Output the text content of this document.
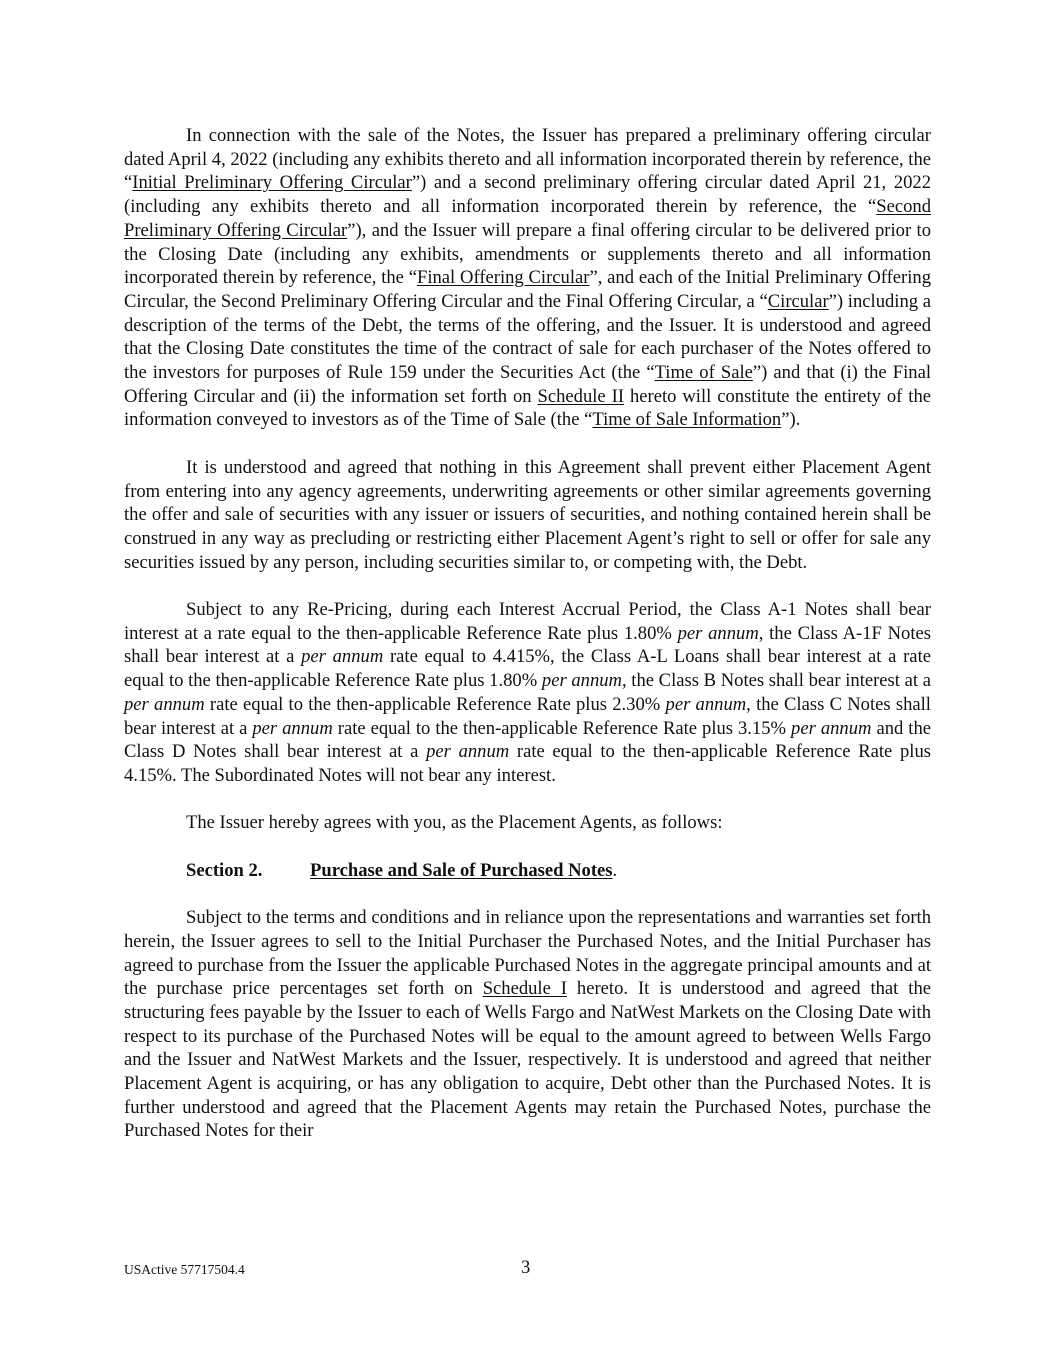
In connection with the sale of the Notes, the Issuer has prepared a preliminary offering circular dated April 4, 2022 (including any exhibits thereto and all information incorporated therein by reference, the “Initial Preliminary Offering Circular”) and a second preliminary offering circular dated April 21, 2022 (including any exhibits thereto and all information incorporated therein by reference, the “Second Preliminary Offering Circular”), and the Issuer will prepare a final offering circular to be delivered prior to the Closing Date (including any exhibits, amendments or supplements thereto and all information incorporated therein by reference, the “Final Offering Circular”, and each of the Initial Preliminary Offering Circular, the Second Preliminary Offering Circular and the Final Offering Circular, a “Circular”) including a description of the terms of the Debt, the terms of the offering, and the Issuer. It is understood and agreed that the Closing Date constitutes the time of the contract of sale for each purchaser of the Notes offered to the investors for purposes of Rule 159 under the Securities Act (the “Time of Sale”) and that (i) the Final Offering Circular and (ii) the information set forth on Schedule II hereto will constitute the entirety of the information conveyed to investors as of the Time of Sale (the “Time of Sale Information”).

It is understood and agreed that nothing in this Agreement shall prevent either Placement Agent from entering into any agency agreements, underwriting agreements or other similar agreements governing the offer and sale of securities with any issuer or issuers of securities, and nothing contained herein shall be construed in any way as precluding or restricting either Placement Agent’s right to sell or offer for sale any securities issued by any person, including securities similar to, or competing with, the Debt.

Subject to any Re-Pricing, during each Interest Accrual Period, the Class A-1 Notes shall bear interest at a rate equal to the then-applicable Reference Rate plus 1.80% per annum, the Class A-1F Notes shall bear interest at a per annum rate equal to 4.415%, the Class A-L Loans shall bear interest at a rate equal to the then-applicable Reference Rate plus 1.80% per annum, the Class B Notes shall bear interest at a per annum rate equal to the then-applicable Reference Rate plus 2.30% per annum, the Class C Notes shall bear interest at a per annum rate equal to the then-applicable Reference Rate plus 3.15% per annum and the Class D Notes shall bear interest at a per annum rate equal to the then-applicable Reference Rate plus 4.15%. The Subordinated Notes will not bear any interest.

The Issuer hereby agrees with you, as the Placement Agents, as follows:

Section 2.	Purchase and Sale of Purchased Notes.

Subject to the terms and conditions and in reliance upon the representations and warranties set forth herein, the Issuer agrees to sell to the Initial Purchaser the Purchased Notes, and the Initial Purchaser has agreed to purchase from the Issuer the applicable Purchased Notes in the aggregate principal amounts and at the purchase price percentages set forth on Schedule I hereto. It is understood and agreed that the structuring fees payable by the Issuer to each of Wells Fargo and NatWest Markets on the Closing Date with respect to its purchase of the Purchased Notes will be equal to the amount agreed to between Wells Fargo and the Issuer and NatWest Markets and the Issuer, respectively. It is understood and agreed that neither Placement Agent is acquiring, or has any obligation to acquire, Debt other than the Purchased Notes. It is further understood and agreed that the Placement Agents may retain the Purchased Notes, purchase the Purchased Notes for their

USActive 57717504.4	3
